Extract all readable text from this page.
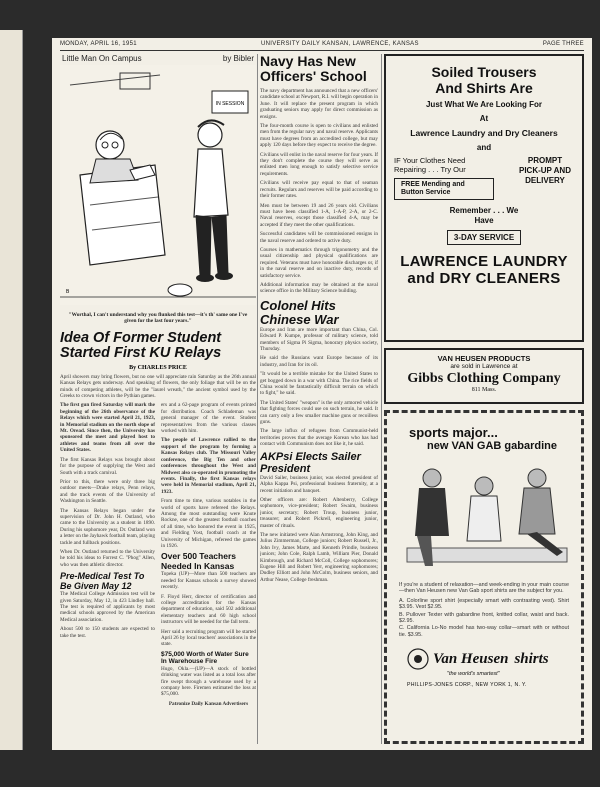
MONDAY, APRIL 16, 1951	UNIVERSITY DAILY KANSAN, LAWRENCE, KANSAS	PAGE THREE
Little Man On Campus	by Bibler
IN SESSION
B
"Worthal, I can't understand why you flunked this test—it's th' same one I've given for the last four years."
Idea Of Former Student Started First KU Relays
By CHARLES PRICE

April showers may bring flowers, but no one will appreciate rain Saturday as the 26th annual Kansas Relays gets underway. And speaking of flowers, the only foliage that will be on the minds of competing athletes, will be the "laurel wreath," the ancient symbol used by the Greeks to crown victors in the Pythian games.

The first gun fired Saturday will mark the beginning of the 26th observance of the Relays which were started April 21, 1923, in Memorial stadium on the north slope of Mt. Oread. Since then, the University has sponsored the meet and played host to athletes and teams from all over the United States.

The first Kansas Relays was brought about for the purpose of supplying the West and South with a track carnival.

Prior to this, there were only three big outdoor meets—Drake relays, Penn relays, and the track events of the University of Washington in Seattle.

The Kansas Relays began under the supervision of Dr. John H. Outland, who came to the University as a student in 1890. During his sophomore year, Dr. Outland won a letter on the Jayhawk football team, playing tackle and fullback positions.

When Dr. Outland returned to the University he told his ideas to Forrest C. "Phog" Allen, who was then athletic director.

Pre-Medical Test To Be Given May 12

The Medical College Admission test will be given Saturday, May 12, in 423 Lindley hall. The test is required of applicants by most medical schools approved by the American Medical association.

About 500 to 150 students are expected to take the test.

ers and a 62-page program of events printed for distribution. Coach Schlademan was general manager of the event. Student representatives from the various classes worked with him.

The people of Lawrence rallied to the support of the program by forming a Kansas Relays club. The Missouri Valley conference, the Big Ten and other conferences throughout the West and Midwest also co-operated in promoting the events. Finally, the first Kansas relays were held in Memorial stadium, April 21, 1923.

From time to time, various notables in the world of sports have refereed the Relays. Among the most outstanding were Knute Rockne, one of the greatest football coaches of all time, who honored the event in 1925, and Fielding Yost, football coach at the University of Michigan, refereed the games in 1926.

Over 500 Teachers Needed In Kansas

Topeka (UP)—More than 500 teachers are needed for Kansas schools a survey showed recently.

F. Floyd Herr, director of certification and college accreditation for the Kansas department of education, said 502 additional elementary teachers and 60 high school instructors will be needed for the fall term.

Herr said a recruiting program will be started April 26 by local teachers' associations in the state.

$75,000 Worth of Water Sure In Warehouse Fire

Hugo, Okla.—(UP)—A stock of bottled drinking water was listed as a total loss after fire swept through a warehouse used by a company here. Firemen estimated the loss at $75,000.

Patronize Daily Kansan Advertisers

Navy Has New Officers' School

The navy department has announced that a new officers' candidate school at Newport, R.I. will begin operation in June. It will replace the present program in which graduating seniors may apply for direct commission as ensigns.

The four-month course is open to civilians and enlisted men from the regular navy and naval reserve. Applicants must have degrees from an accredited college, but may apply 120 days before they expect to receive the degree.

Civilians will enlist in the naval reserve for four years. If they don't complete the course they will serve as enlisted men long enough to satisfy selective service requirements.

Civilians will receive pay equal to that of seaman recruits. Regulars and reserves will be paid according to their former rates.

Men must be between 19 and 26 years old. Civilians must have been classified 1-A, 1-A-P, 2-A, or 2-C. Naval reserves, except those classified 4-A, may be accepted if they meet the other qualifications.

Successful candidates will be commissioned ensigns in the naval reserve and ordered to active duty.

Courses in mathematics through trigonometry and the usual citizenship and physical qualifications are required. Veterans must have honorable discharges or, if in the naval reserve and on inactive duty, records of satisfactory service.

Additional information may be obtained at the naval science office in the Military Science building.

Colonel Hits Chinese War

Europe and Iran are more important than China, Col. Edward P. Kumpe, professor of military science, told members of Sigma Pi Sigma, honorary physics society, Thursday.

He said the Russians want Europe because of its industry, and Iran for its oil.

"It would be a terrible mistake for the United States to get bogged down in a war with China. The rice fields of China would be fantastically difficult terrain on which to fight," he said.

The United States' "weapon" is the only armored vehicle that fighting forces could use on such terrain, he said. It can carry only a few smaller machine guns or recoilless guns.

The large influx of refugees from Communist-held territories proves that the average Korean who has had contact with Communism does not like it, he said.

AKPsi Elects Sailer President

David Sailer, business junior, was elected president of Alpha Kappa Psi, professional business fraternity, at a recent initiation and banquet.

Other officers are: Robert Altenberry, College sophomore, vice-president; Robert Swaim, business junior, secretary; Robert Troup, business junior, treasurer; and Robert Pickrell, engineering junior, master of rituals.

The new initiated were Alan Armstrong, John King, and Julius Zimmerman, College juniors; Robert Russell, Jr., John Ivy, James Marte, and Kenneth Prindle, business juniors; John Cole, Ralph Lamb, William Pier, Donald Kimbrough, and Richard McColl, College sophomores; Eugene Hill and Robert Yerr, engineering sophomores; Dudley Elliott and John McColm, business seniors, and Arthur Nease, College freshman.

Soiled Trousers
And Shirts Are
Just What We Are Looking For
At
Lawrence Laundry and Dry Cleaners
and
IF Your Clothes Need Repairing . . . Try Our
FREE Mending and Button Service
PROMPT PICK-UP AND DELIVERY
Remember . . . We Have
3-DAY SERVICE
LAWRENCE LAUNDRY
and DRY CLEANERS
VAN HEUSEN PRODUCTS
are sold in Lawrence at
Gibbs Clothing Company
811 Mass.
sports major...
new VAN GAB gabardine

If you're a student of relaxation—and week-ending in your main course—then Van Heusen new Van Gab sport shirts are the subject for you.

A. Colorline sport shirt (especially smart with contrasting vest). Shirt $3.95. Vest $2.95.

B. Pullover Texter with gabardine front, knitted collar, waist and back. $2.95.

C. California Lo-No model has two-way collar—smart with or without tie. $3.95.

Van Heusen shirts
"the world's smartest"
PHILLIPS-JONES CORP., NEW YORK 1, N. Y.
